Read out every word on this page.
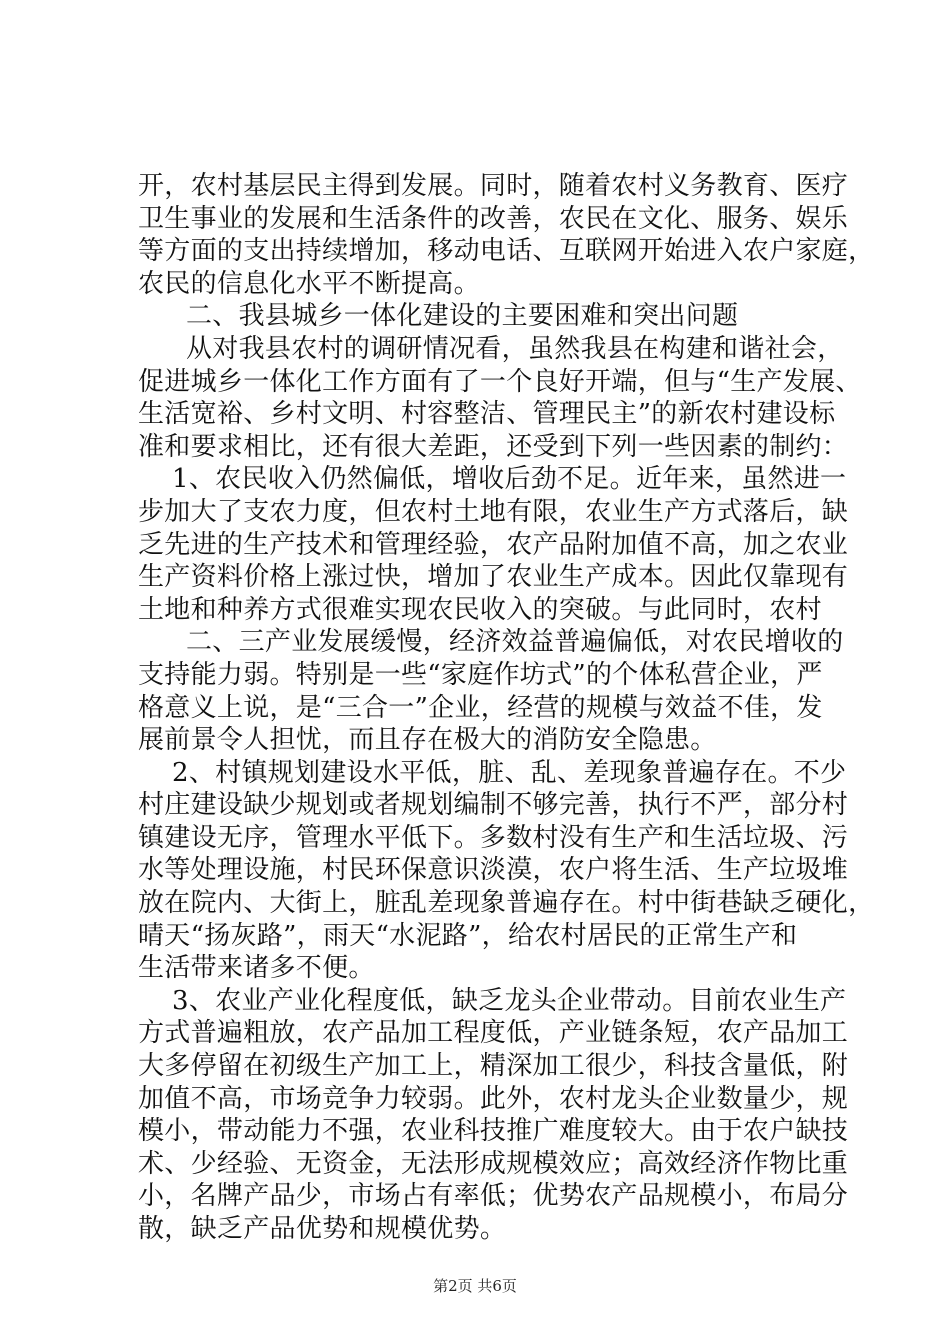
开，农村基层民主得到发展。同时，随着农村义务教育、医疗
卫生事业的发展和生活条件的改善，农民在文化、服务、娱乐
等方面的支出持续增加，移动电话、互联网开始进入农户家庭，
农民的信息化水平不断提高。
二、我县城乡一体化建设的主要困难和突出问题
从对我县农村的调研情况看，虽然我县在构建和谐社会，
促进城乡一体化工作方面有了一个良好开端，但与“生产发展、
生活宽裕、乡村文明、村容整洁、管理民主”的新农村建设标
准和要求相比，还有很大差距，还受到下列一些因素的制约：
1、农民收入仍然偏低，增收后劲不足。近年来，虽然进一
步加大了支农力度，但农村土地有限，农业生产方式落后，缺
乏先进的生产技术和管理经验，农产品附加值不高，加之农业
生产资料价格上涨过快，增加了农业生产成本。因此仅靠现有
土地和种养方式很难实现农民收入的突破。与此同时，农村
二、三产业发展缓慢，经济效益普遍偏低，对农民增收的
支持能力弱。特别是一些“家庭作坊式”的个体私营企业，严
格意义上说，是“三合一”企业，经营的规模与效益不佳，发
展前景令人担忧，而且存在极大的消防安全隐患。
2、村镇规划建设水平低，脏、乱、差现象普遍存在。不少
村庄建设缺少规划或者规划编制不够完善，执行不严，部分村
镇建设无序，管理水平低下。多数村没有生产和生活垃圾、污
水等处理设施，村民环保意识淡漠，农户将生活、生产垃圾堆
放在院内、大街上，脏乱差现象普遍存在。村中街巷缺乏硬化，
晴天“扬灰路”，雨天“水泥路”，给农村居民的正常生产和
生活带来诸多不便。
3、农业产业化程度低，缺乏龙头企业带动。目前农业生产
方式普遍粗放，农产品加工程度低，产业链条短，农产品加工
大多停留在初级生产加工上，精深加工很少，科技含量低，附
加值不高，市场竞争力较弱。此外，农村龙头企业数量少，规
模小，带动能力不强，农业科技推广难度较大。由于农户缺技
术、少经验、无资金，无法形成规模效应；高效经济作物比重
小，名牌产品少，市场占有率低；优势农产品规模小，布局分
散，缺乏产品优势和规模优势。
第2页 共6页
